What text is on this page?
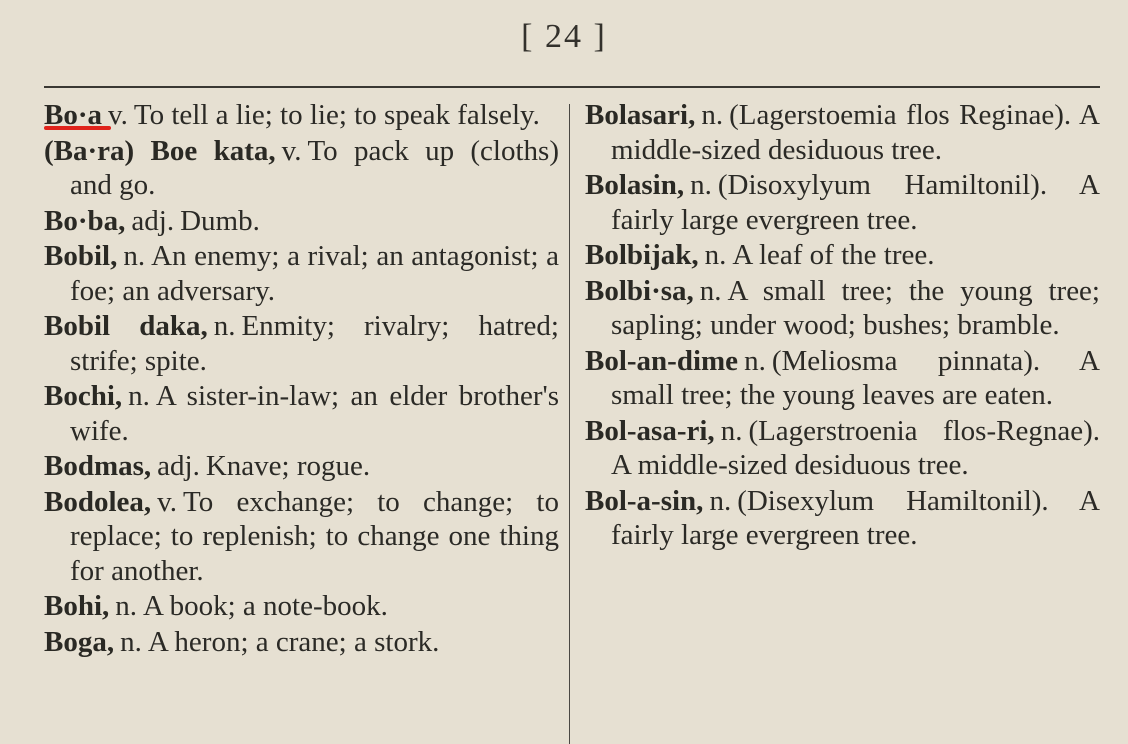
[ 24 ]

Bo·a v. To tell a lie; to lie; to speak falsely.

(Ba·ra) Boe kata, v. To pack up (cloths) and go.

Bo·ba, adj. Dumb.

Bobil, n. An enemy; a rival; an antagonist; a foe; an adversary.

Bobil daka, n. Enmity; rivalry; hatred; strife; spite.

Bochi, n. A sister-in-law; an elder brother's wife.

Bodmas, adj. Knave; rogue.

Bodolea, v. To exchange; to change; to replace; to replenish; to change one thing for another.

Bohi, n. A book; a note-book.

Boga, n. A heron; a crane; a stork.

Bolasari, n. (Lagerstoemia flos Reginae). A middle-sized desiduous tree.

Bolasin, n. (Disoxylyum Hamiltonil). A fairly large evergreen tree.

Bolbijak, n. A leaf of the tree.

Bolbi·sa, n. A small tree; the young tree; sapling; under wood; bushes; bramble.

Bol-an-dime n. (Meliosma pinnata). A small tree; the young leaves are eaten.

Bol-asa-ri, n. (Lagerstroenia flos-Regnae). A middle-sized desiduous tree.

Bol-a-sin, n. (Disexylum Hamiltonil). A fairly large evergreen tree.
